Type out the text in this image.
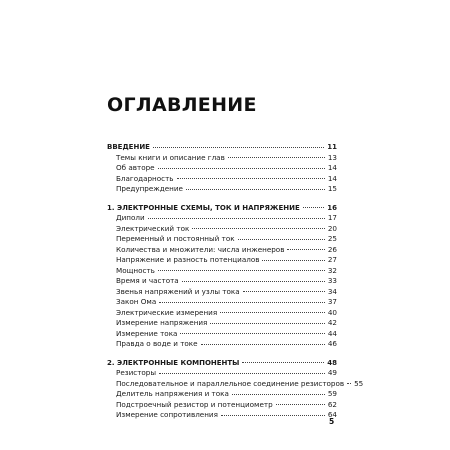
ОГЛАВЛЕНИЕ
ВВЕДЕНИЕ	11
Темы книги и описание глав	13
Об авторе	14
Благодарность	14
Предупреждение	15
1. ЭЛЕКТРОННЫЕ СХЕМЫ, ТОК И НАПРЯЖЕНИЕ	16
Диполи	17
Электрический ток	20
Переменный и постоянный ток	25
Количества и множители: числа инженеров	26
Напряжение и разность потенциалов	27
Мощность	32
Время и частота	33
Звенья напряжений и узлы тока	34
Закон Ома	37
Электрические измерения	40
Измерение напряжения	42
Измерение тока	44
Правда о воде и токе	46
2. ЭЛЕКТРОННЫЕ КОМПОНЕНТЫ	48
Резисторы	49
Последовательное и параллельное соединение резисторов 55
Делитель напряжения и тока	59
Подстроечный резистор и потенциометр	62
Измерение сопротивления	64
5
